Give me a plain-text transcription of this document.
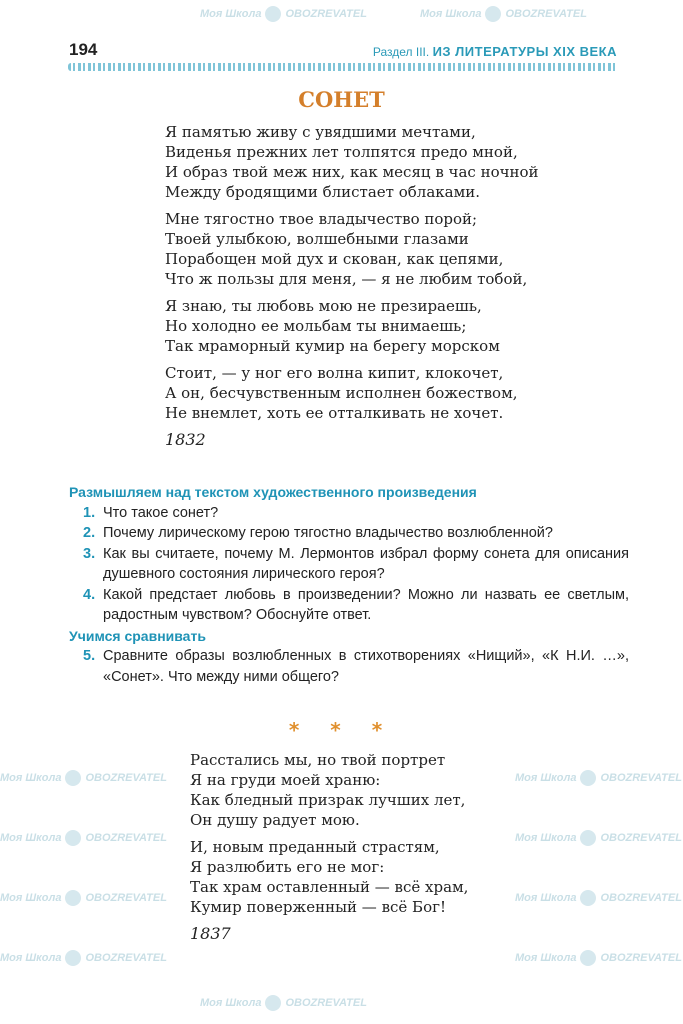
Моя Школа OBOZREVATEL	Моя Школа OBOZREVATEL
Моя Школа OBOZREVATEL	Моя Школа OBOZREVATEL
Моя Школа OBOZREVATEL	Моя Школа OBOZREVATEL
Моя Школа OBOZREVATEL	Моя Школа OBOZREVATEL
Моя Школа OBOZREVATEL	Моя Школа OBOZREVATEL
Моя Школа OBOZREVATEL
194	Раздел III. ИЗ ЛИТЕРАТУРЫ XIX ВЕКА
СОНЕТ
Я памятью живу с увядшими мечтами,
Виденья прежних лет толпятся предо мной,
И образ твой меж них, как месяц в час ночной
Между бродящими блистает облаками.
Мне тягостно твое владычество порой;
Твоей улыбкою, волшебными глазами
Порабощен мой дух и скован, как цепями,
Что ж пользы для меня, — я не любим тобой,
Я знаю, ты любовь мою не презираешь,
Но холодно ее мольбам ты внимаешь;
Так мраморный кумир на берегу морском
Стоит, — у ног его волна кипит, клокочет,
А он, бесчувственным исполнен божеством,
Не внемлет, хоть ее отталкивать не хочет.
1832
Размышляем над текстом художественного произведения
1. Что такое сонет?
2. Почему лирическому герою тягостно владычество возлюбленной?
3. Как вы считаете, почему М. Лермонтов избрал форму сонета для описания душевного состояния лирического героя?
4. Какой предстает любовь в произведении? Можно ли назвать ее светлым, радостным чувством? Обоснуйте ответ.
Учимся сравнивать
5. Сравните образы возлюбленных в стихотворениях «Нищий», «К Н.И. …», «Сонет». Что между ними общего?
* * *
Расстались мы, но твой портрет
Я на груди моей храню:
Как бледный призрак лучших лет,
Он душу радует мою.
И, новым преданный страстям,
Я разлюбить его не мог:
Так храм оставленный — всё храм,
Кумир поверженный — всё Бог!
1837
